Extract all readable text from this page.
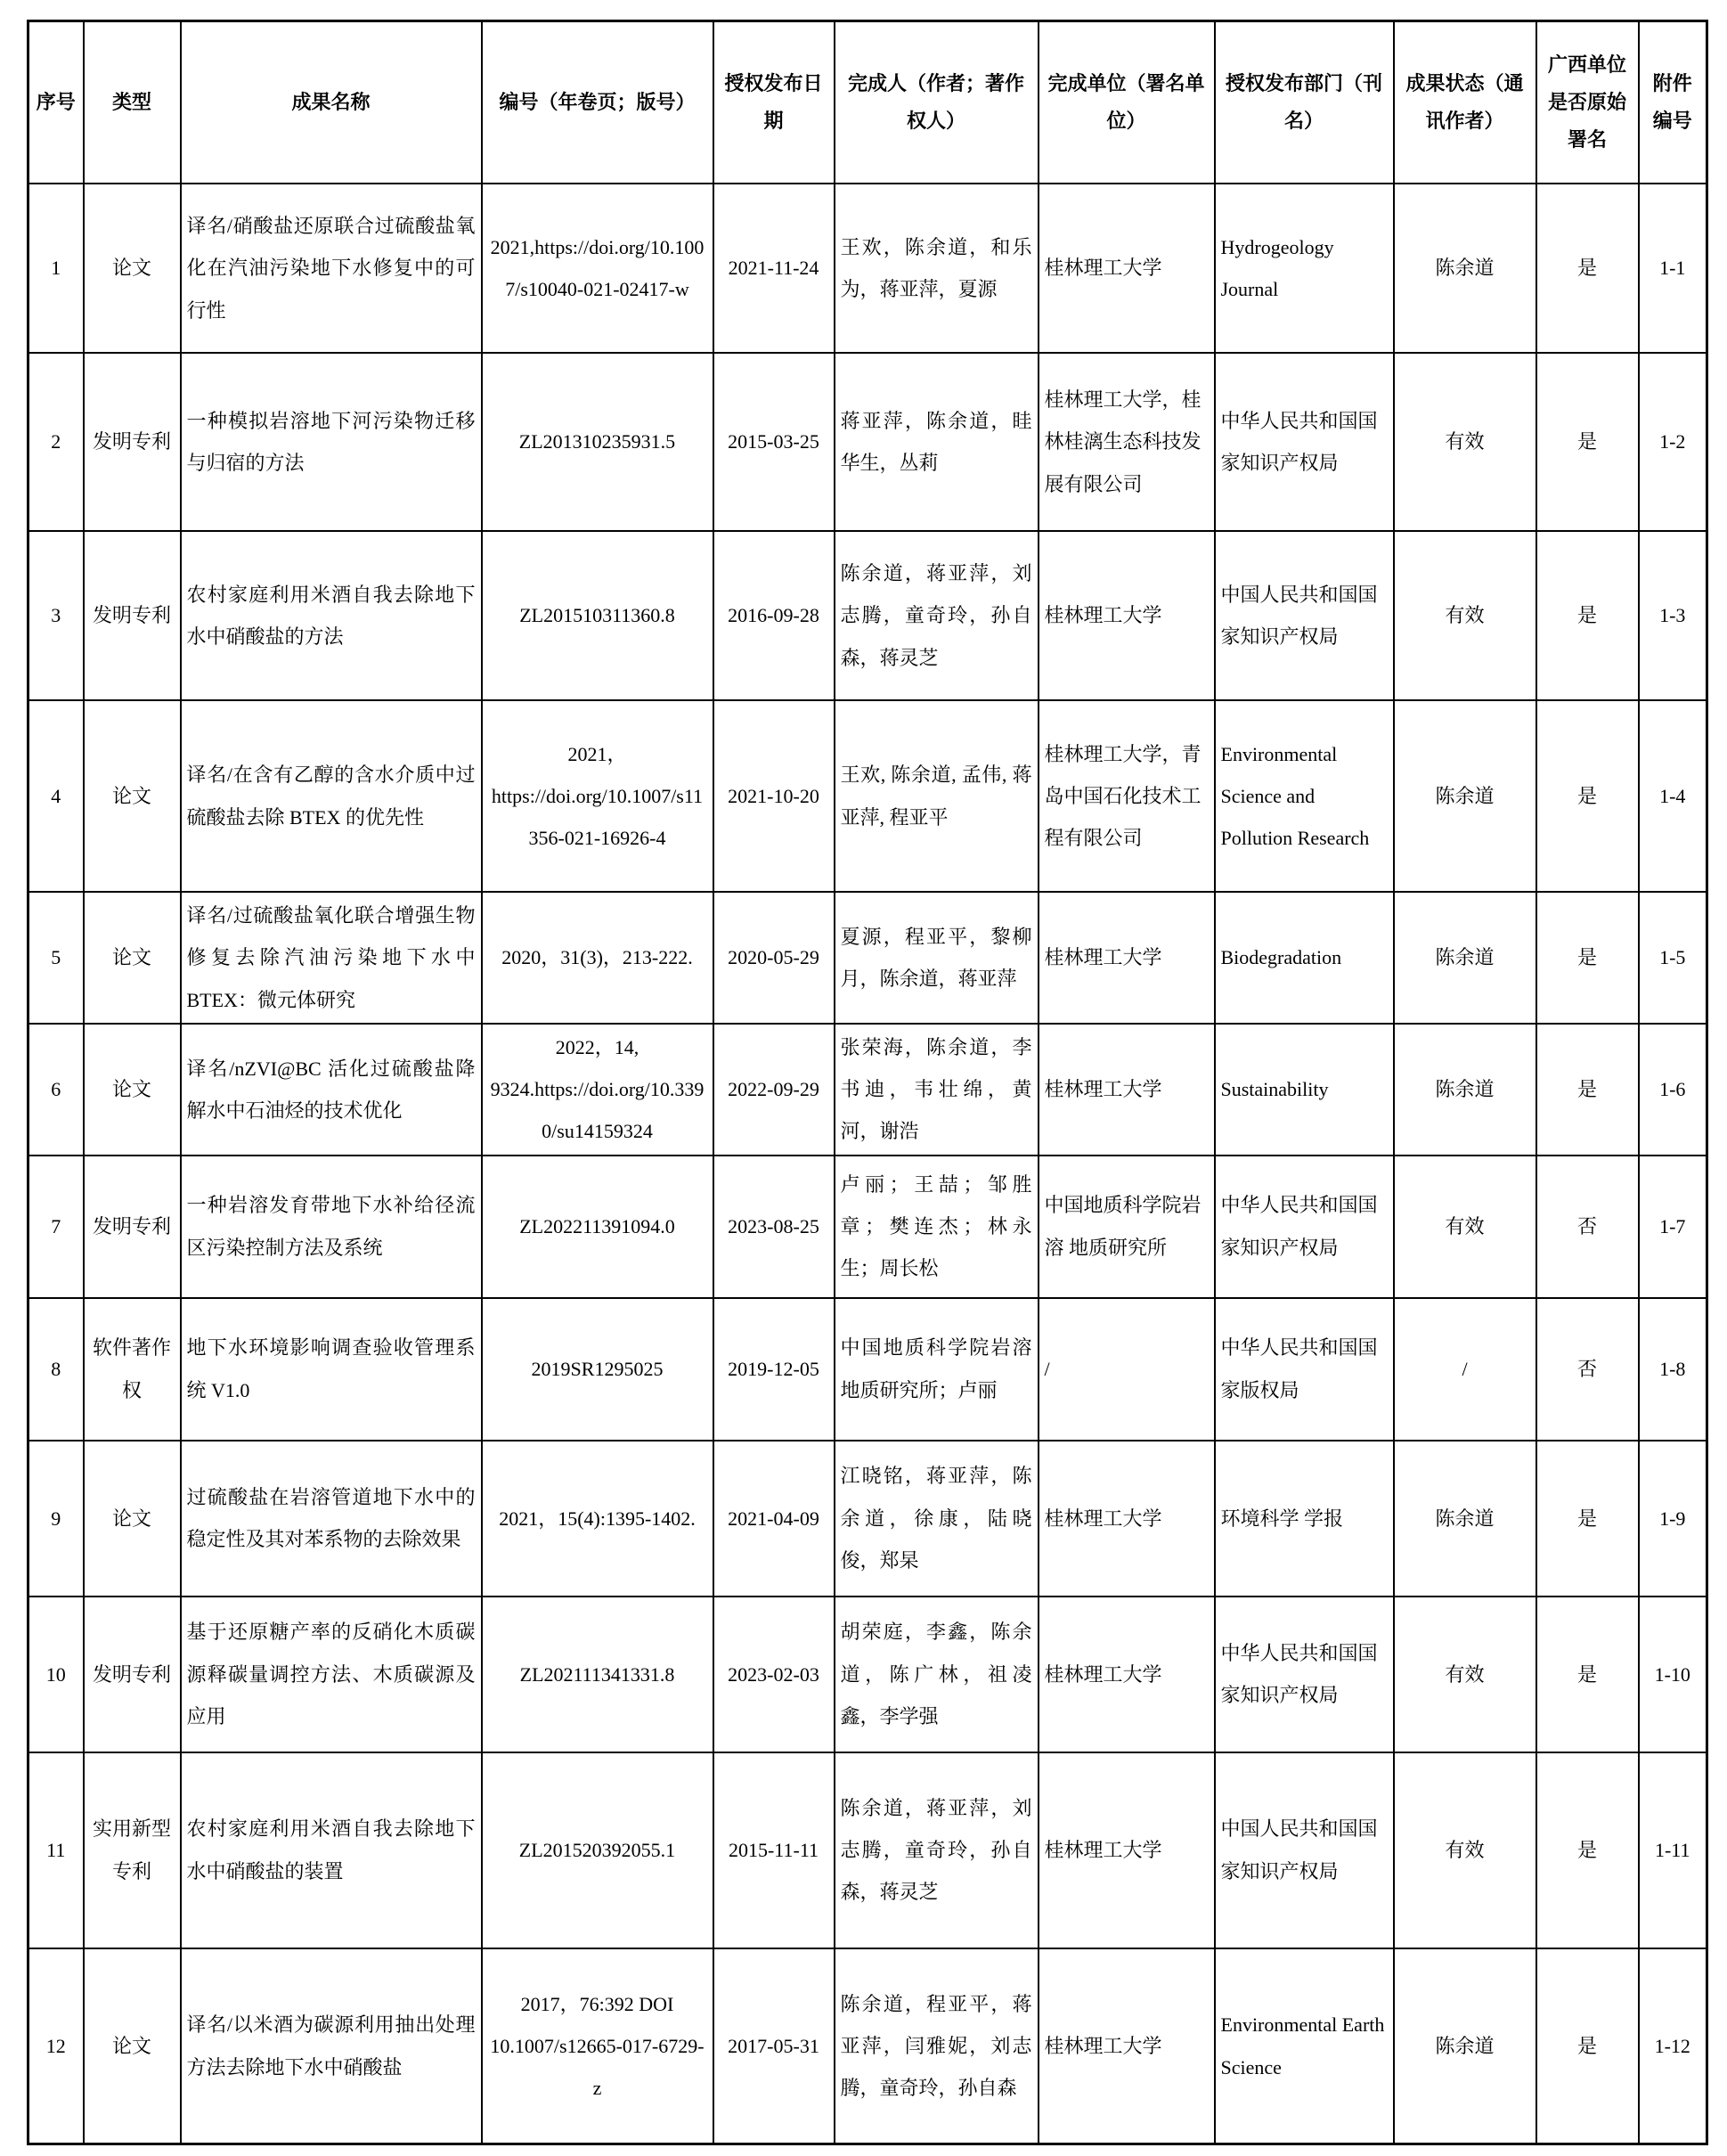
序号	类型	成果名称	编号（年卷页；版号）	授权发布日期	完成人（作者；著作权人）	完成单位（署名单位）	授权发布部门（刊名）	成果状态（通讯作者）	广西单位是否原始署名	附件编号
1	论文	译名/硝酸盐还原联合过硫酸盐氧化在汽油污染地下水修复中的可行性	2021,https://doi.org/10.1007/s10040-021-02417-w	2021-11-24	王欢，陈余道，和乐为，蒋亚萍，夏源	桂林理工大学	Hydrogeology Journal	陈余道	是	1-1
2	发明专利	一种模拟岩溶地下河污染物迁移与归宿的方法	ZL201310235931.5	2015-03-25	蒋亚萍，陈余道，眭华生，丛莉	桂林理工大学，桂林桂漓生态科技发展有限公司	中华人民共和国国家知识产权局	有效	是	1-2
3	发明专利	农村家庭利用米酒自我去除地下水中硝酸盐的方法	ZL201510311360.8	2016-09-28	陈余道，蒋亚萍，刘志腾，童奇玲，孙自森，蒋灵芝	桂林理工大学	中国人民共和国国家知识产权局	有效	是	1-3
4	论文	译名/在含有乙醇的含水介质中过硫酸盐去除 BTEX 的优先性	2021，https://doi.org/10.1007/s11356-021-16926-4	2021-10-20	王欢, 陈余道, 孟伟, 蒋亚萍, 程亚平	桂林理工大学，青岛中国石化技术工程有限公司	Environmental Science and Pollution Research	陈余道	是	1-4
5	论文	译名/过硫酸盐氧化联合增强生物修复去除汽油污染地下水中BTEX：微元体研究	2020，31(3)，213-222.	2020-05-29	夏源，程亚平，黎柳月，陈余道，蒋亚萍	桂林理工大学	Biodegradation	陈余道	是	1-5
6	论文	译名/nZVI@BC 活化过硫酸盐降解水中石油烃的技术优化	2022，14, 9324.https://doi.org/10.3390/su14159324	2022-09-29	张荣海，陈余道，李书迪，韦壮绵，黄河，谢浩	桂林理工大学	Sustainability	陈余道	是	1-6
7	发明专利	一种岩溶发育带地下水补给径流区污染控制方法及系统	ZL202211391094.0	2023-08-25	卢丽；王喆；邹胜章；樊连杰；林永生；周长松	中国地质科学院岩溶 地质研究所	中华人民共和国国家知识产权局	有效	否	1-7
8	软件著作权	地下水环境影响调查验收管理系统 V1.0	2019SR1295025	2019-12-05	中国地质科学院岩溶地质研究所；卢丽	/	中华人民共和国国家版权局	/	否	1-8
9	论文	过硫酸盐在岩溶管道地下水中的稳定性及其对苯系物的去除效果	2021，15(4):1395-1402.	2021-04-09	江晓铭，蒋亚萍，陈余道，徐康，陆晓俊，郑杲	桂林理工大学	环境科学 学报	陈余道	是	1-9
10	发明专利	基于还原糖产率的反硝化木质碳源释碳量调控方法、木质碳源及应用	ZL202111341331.8	2023-02-03	胡荣庭，李鑫，陈余道，陈广林，祖凌鑫，李学强	桂林理工大学	中华人民共和国国家知识产权局	有效	是	1-10
11	实用新型专利	农村家庭利用米酒自我去除地下水中硝酸盐的装置	ZL201520392055.1	2015-11-11	陈余道，蒋亚萍，刘志腾，童奇玲，孙自森，蒋灵芝	桂林理工大学	中国人民共和国国家知识产权局	有效	是	1-11
12	论文	译名/以米酒为碳源利用抽出处理方法去除地下水中硝酸盐	2017，76:392 DOI 10.1007/s12665-017-6729-z	2017-05-31	陈余道，程亚平，蒋亚萍，闫雅妮，刘志腾，童奇玲，孙自森	桂林理工大学	Environmental Earth Science	陈余道	是	1-12
